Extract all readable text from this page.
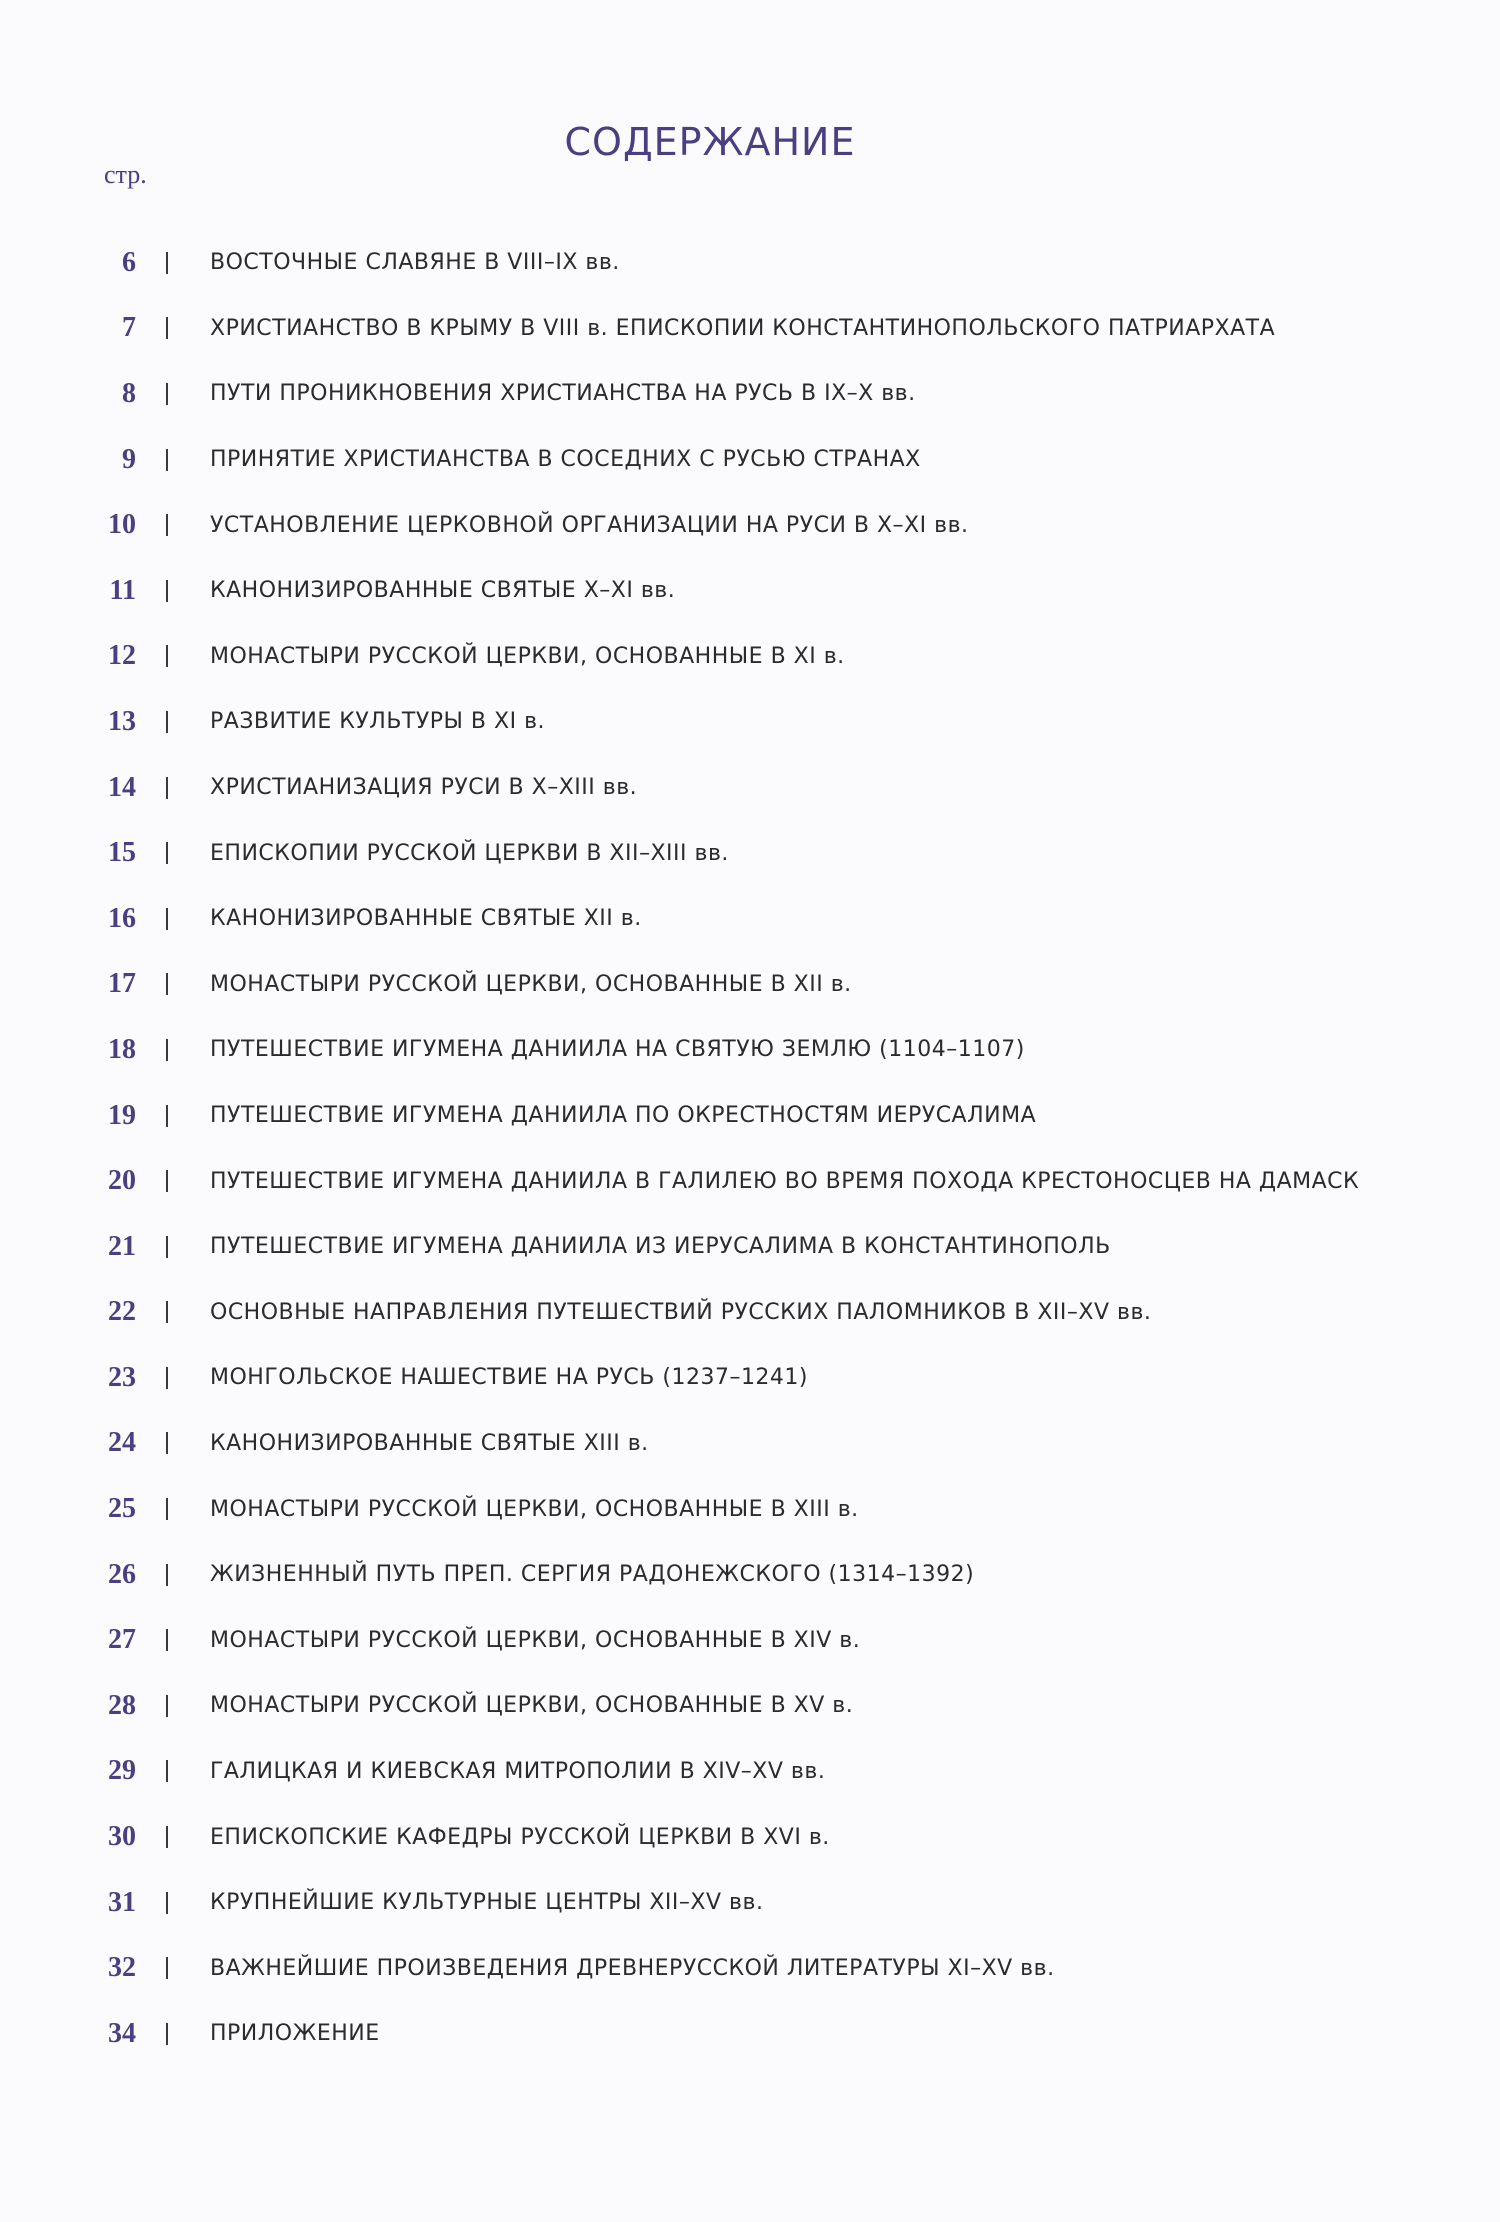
СОДЕРЖАНИЕ
стр.
6	ВОСТОЧНЫЕ СЛАВЯНЕ В VIII–IX вв.
7	ХРИСТИАНСТВО В КРЫМУ В VIII в. ЕПИСКОПИИ КОНСТАНТИНОПОЛЬСКОГО ПАТРИАРХАТА
8	ПУТИ ПРОНИКНОВЕНИЯ ХРИСТИАНСТВА НА РУСЬ В IX–X вв.
9	ПРИНЯТИЕ ХРИСТИАНСТВА В СОСЕДНИХ С РУСЬЮ СТРАНАХ
10	УСТАНОВЛЕНИЕ ЦЕРКОВНОЙ ОРГАНИЗАЦИИ НА РУСИ В X–XI вв.
11	КАНОНИЗИРОВАННЫЕ СВЯТЫЕ X–XI вв.
12	МОНАСТЫРИ РУССКОЙ ЦЕРКВИ, ОСНОВАННЫЕ В XI в.
13	РАЗВИТИЕ КУЛЬТУРЫ В XI в.
14	ХРИСТИАНИЗАЦИЯ РУСИ В X–XIII вв.
15	ЕПИСКОПИИ РУССКОЙ ЦЕРКВИ В XII–XIII вв.
16	КАНОНИЗИРОВАННЫЕ СВЯТЫЕ XII в.
17	МОНАСТЫРИ РУССКОЙ ЦЕРКВИ, ОСНОВАННЫЕ В XII в.
18	ПУТЕШЕСТВИЕ ИГУМЕНА ДАНИИЛА НА СВЯТУЮ ЗЕМЛЮ (1104–1107)
19	ПУТЕШЕСТВИЕ ИГУМЕНА ДАНИИЛА ПО ОКРЕСТНОСТЯМ ИЕРУСАЛИМА
20	ПУТЕШЕСТВИЕ ИГУМЕНА ДАНИИЛА В ГАЛИЛЕЮ ВО ВРЕМЯ ПОХОДА КРЕСТОНОСЦЕВ НА ДАМАСК
21	ПУТЕШЕСТВИЕ ИГУМЕНА ДАНИИЛА ИЗ ИЕРУСАЛИМА В КОНСТАНТИНОПОЛЬ
22	ОСНОВНЫЕ НАПРАВЛЕНИЯ ПУТЕШЕСТВИЙ РУССКИХ ПАЛОМНИКОВ В XII–XV вв.
23	МОНГОЛЬСКОЕ НАШЕСТВИЕ НА РУСЬ (1237–1241)
24	КАНОНИЗИРОВАННЫЕ СВЯТЫЕ XIII в.
25	МОНАСТЫРИ РУССКОЙ ЦЕРКВИ, ОСНОВАННЫЕ В XIII в.
26	ЖИЗНЕННЫЙ ПУТЬ ПРЕП. СЕРГИЯ РАДОНЕЖСКОГО (1314–1392)
27	МОНАСТЫРИ РУССКОЙ ЦЕРКВИ, ОСНОВАННЫЕ В XIV в.
28	МОНАСТЫРИ РУССКОЙ ЦЕРКВИ, ОСНОВАННЫЕ В XV в.
29	ГАЛИЦКАЯ И КИЕВСКАЯ МИТРОПОЛИИ В XIV–XV вв.
30	ЕПИСКОПСКИЕ КАФЕДРЫ РУССКОЙ ЦЕРКВИ В XVI в.
31	КРУПНЕЙШИЕ КУЛЬТУРНЫЕ ЦЕНТРЫ XII–XV вв.
32	ВАЖНЕЙШИЕ ПРОИЗВЕДЕНИЯ ДРЕВНЕРУССКОЙ ЛИТЕРАТУРЫ XI–XV вв.
34	ПРИЛОЖЕНИЕ
